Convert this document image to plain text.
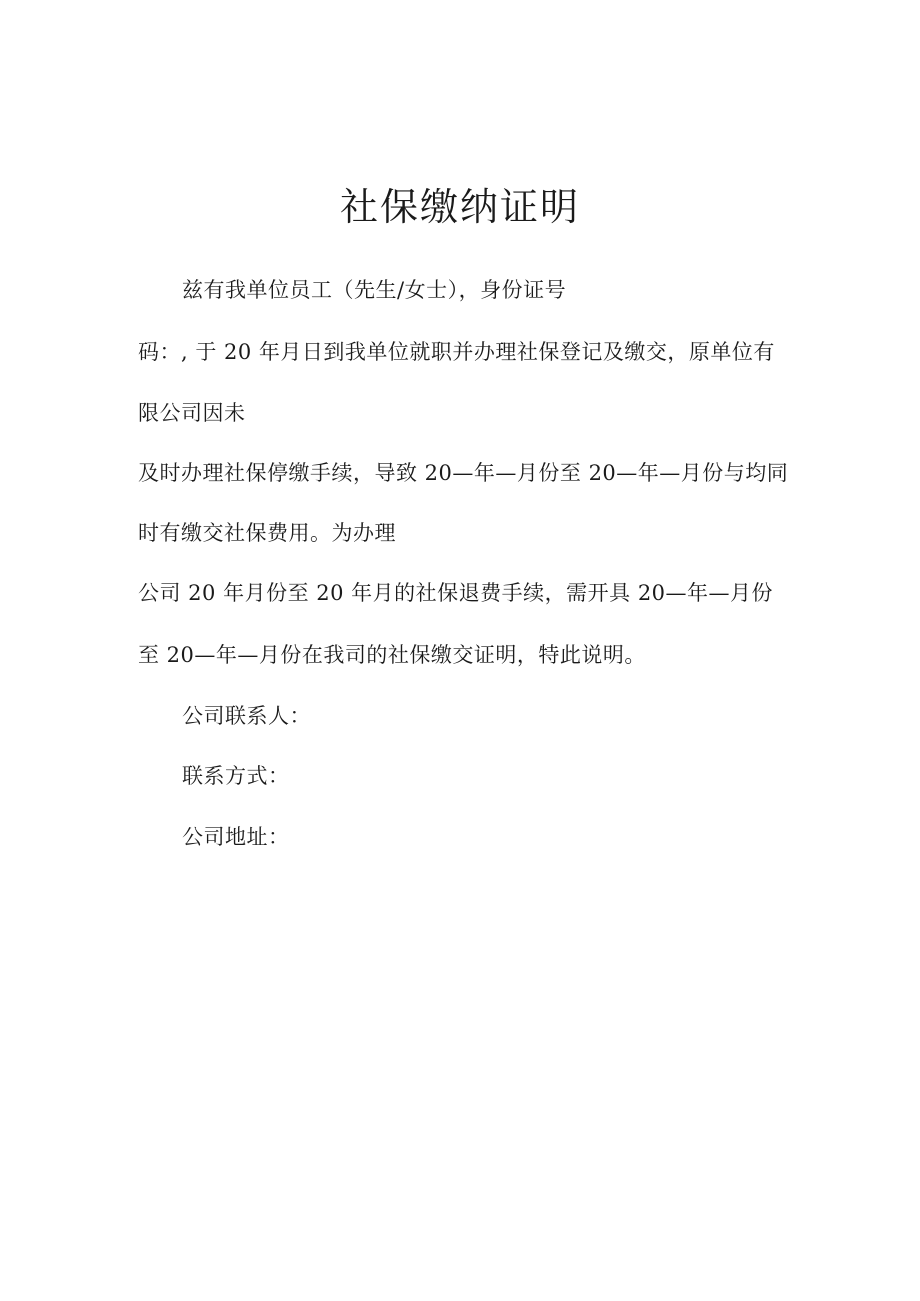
社保缴纳证明
兹有我单位员工（先生/女士），身份证号
码：, 于 20 年月日到我单位就职并办理社保登记及缴交，原单位有
限公司因未
及时办理社保停缴手续，导致 20—年—月份至 20—年—月份与均同
时有缴交社保费用。为办理
公司 20 年月份至 20 年月的社保退费手续，需开具 20—年—月份
至 20—年—月份在我司的社保缴交证明，特此说明。
公司联系人：
联系方式：
公司地址：
